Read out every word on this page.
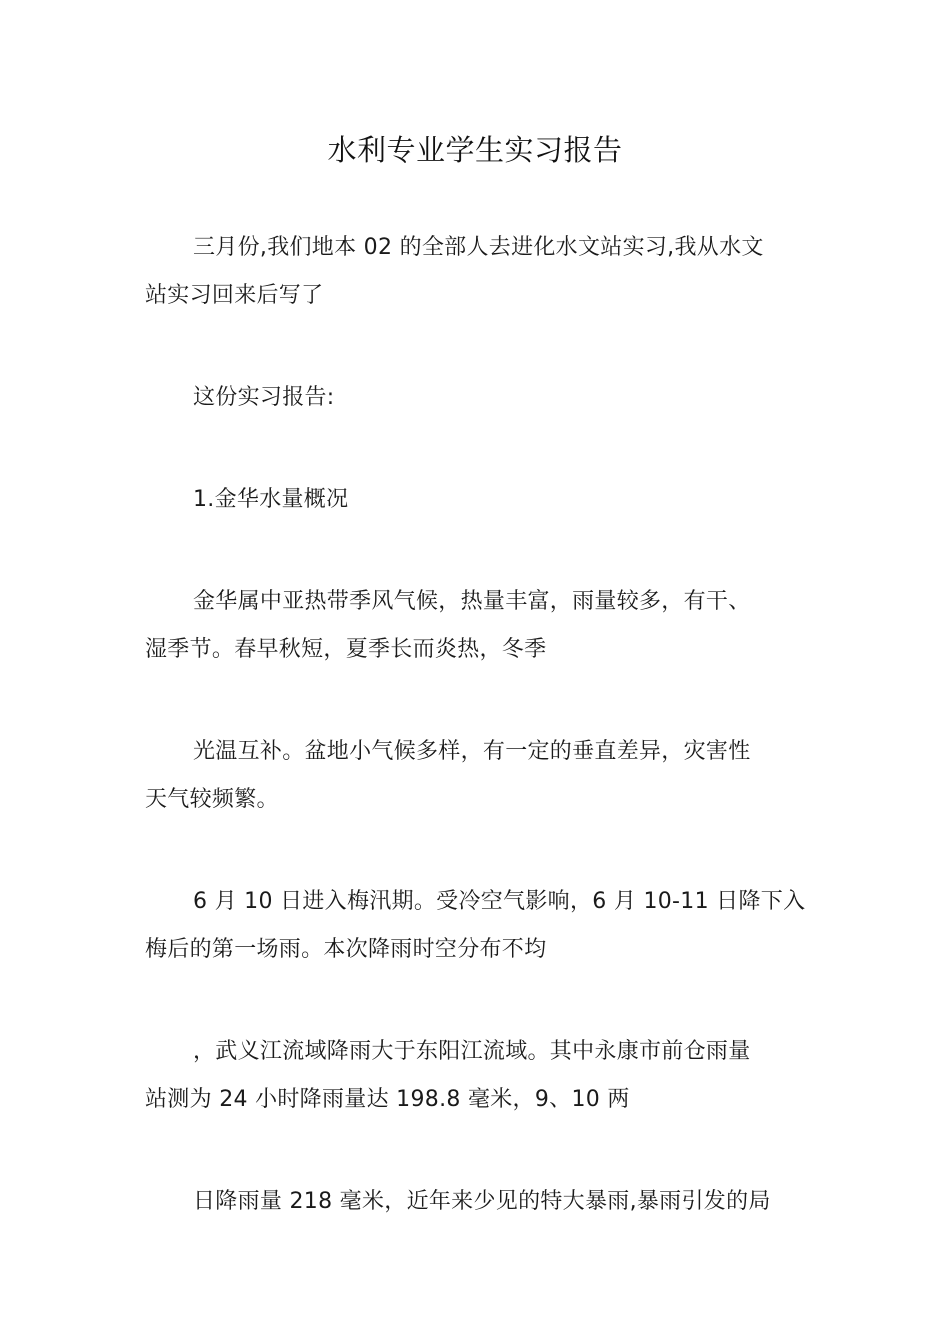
水利专业学生实习报告

三月份,我们地本 02 的全部人去进化水文站实习,我从水文
站实习回来后写了

这份实习报告:

1.金华水量概况

金华属中亚热带季风气候，热量丰富，雨量较多，有干、
湿季节。春早秋短，夏季长而炎热，冬季

光温互补。盆地小气候多样，有一定的垂直差异，灾害性
天气较频繁。

6 月 10 日进入梅汛期。受冷空气影响，6 月 10-11 日降下入
梅后的第一场雨。本次降雨时空分布不均

，武义江流域降雨大于东阳江流域。其中永康市前仓雨量
站测为 24 小时降雨量达 198.8 毫米，9、10 两

日降雨量 218 毫米，近年来少见的特大暴雨,暴雨引发的局
